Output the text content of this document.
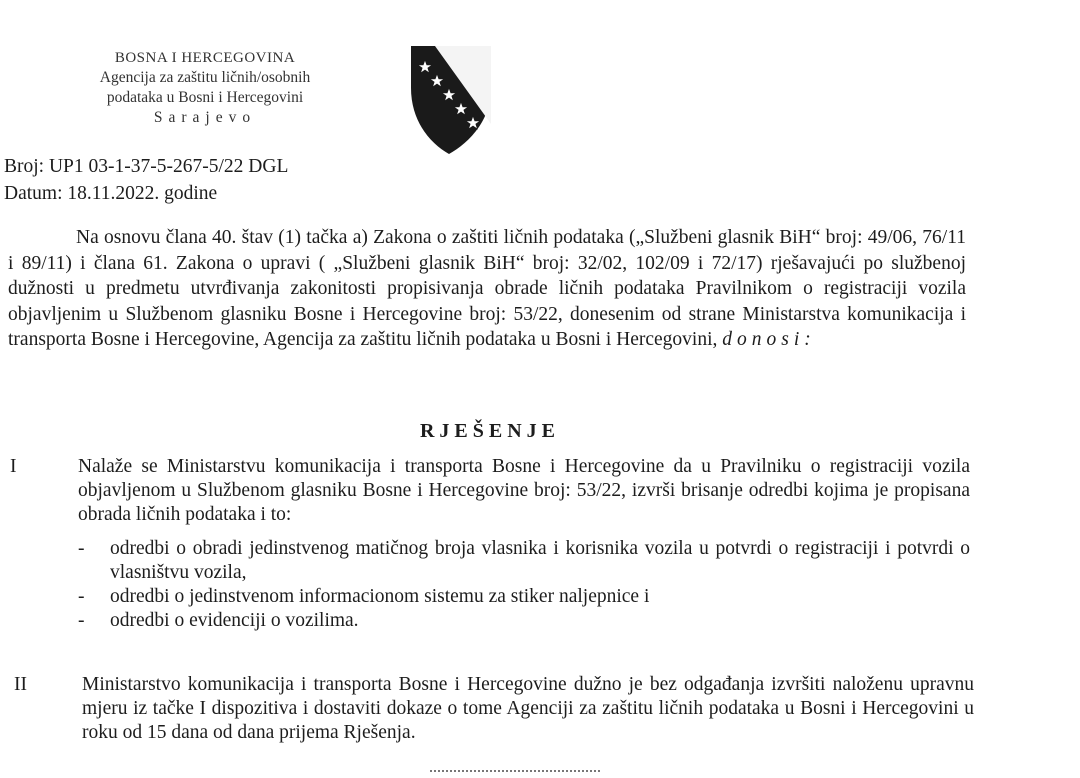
BOSNA I HERCEGOVINA
Agencija za zaštitu ličnih/osobnih
podataka u Bosni i Hercegovini
Sarajevo
Broj: UP1 03-1-37-5-267-5/22 DGL
Datum: 18.11.2022. godine
Na osnovu člana 40. štav (1) tačka a) Zakona o zaštiti ličnih podataka („Službeni glasnik BiH“ broj: 49/06, 76/11 i 89/11) i člana 61. Zakona o upravi ( „Službeni glasnik BiH“ broj: 32/02, 102/09 i 72/17) rješavajući po službenoj dužnosti u predmetu utvrđivanja zakonitosti propisivanja obrade ličnih podataka Pravilnikom o registraciji vozila objavljenim u Službenom glasniku Bosne i Hercegovine broj: 53/22, donesenim od strane Ministarstva komunikacija i transporta Bosne i Hercegovine, Agencija za zaštitu ličnih podataka u Bosni i Hercegovini, donosi:
RJEŠENJE
I	Nalaže se Ministarstvu komunikacija i transporta Bosne i Hercegovine da u Pravilniku o registraciji vozila objavljenom u Službenom glasniku Bosne i Hercegovine broj: 53/22, izvrši brisanje odredbi kojima je propisana obrada ličnih podataka i to:
- odredbi o obradi jedinstvenog matičnog broja vlasnika i korisnika vozila u potvrdi o registraciji i potvrdi o vlasništvu vozila,
- odredbi o jedinstvenom informacionom sistemu za stiker naljepnice i
- odredbi o evidenciji o vozilima.
II	Ministarstvo komunikacija i transporta Bosne i Hercegovine dužno je bez odgađanja izvršiti naloženu upravnu mjeru iz tačke I dispozitiva i dostaviti dokaze o tome Agenciji za zaštitu ličnih podataka u Bosni i Hercegovini u roku od 15 dana od dana prijema Rješenja.
